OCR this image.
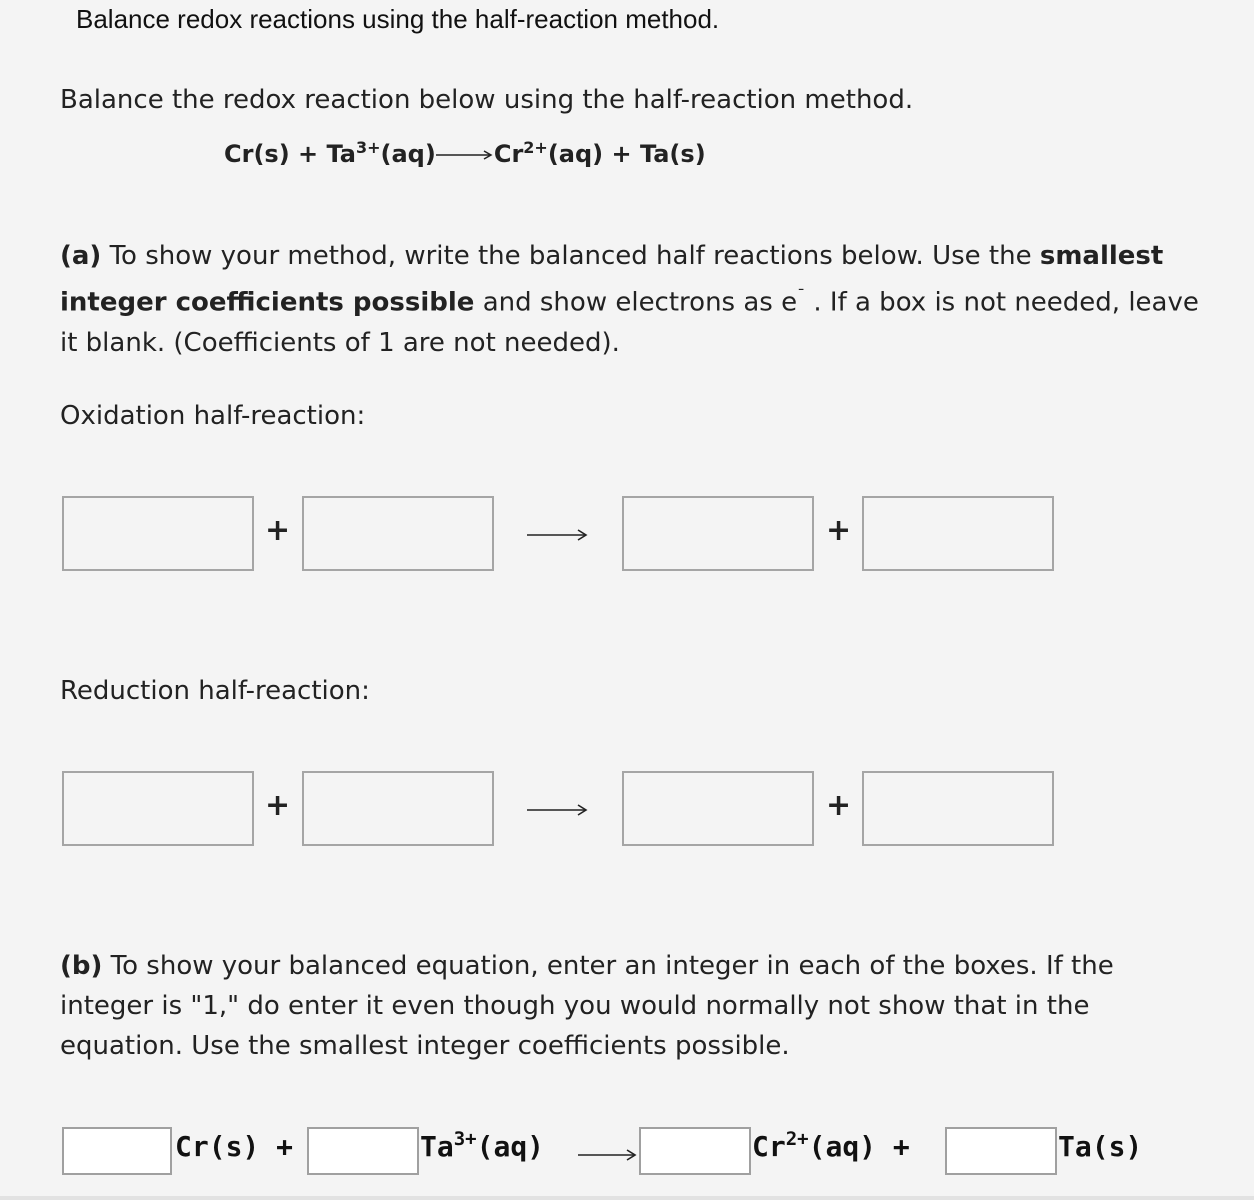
Balance redox reactions using the half-reaction method.
Balance the redox reaction below using the half-reaction method.
$Cr(s) + Ta^{3+}(aq)\to Cr^{2+}(aq) + Ta(s)$
(a) To show your method, write the balanced half reactions below. Use the smallest integer coefficients possible and show electrons as e¯ . If a box is not needed, leave it blank. (Coefficients of 1 are not needed).
Oxidation half-reaction:
+	+
Reduction half-reaction:
+	+
(b) To show your balanced equation, enter an integer in each of the boxes. If the integer is "1," do enter it even though you would normally not show that in the equation. Use the smallest integer coefficients possible.
Cr(s) +	$Ta^{3+}(aq)$	$Cr^{2+}(aq)$ +	Ta(s)
